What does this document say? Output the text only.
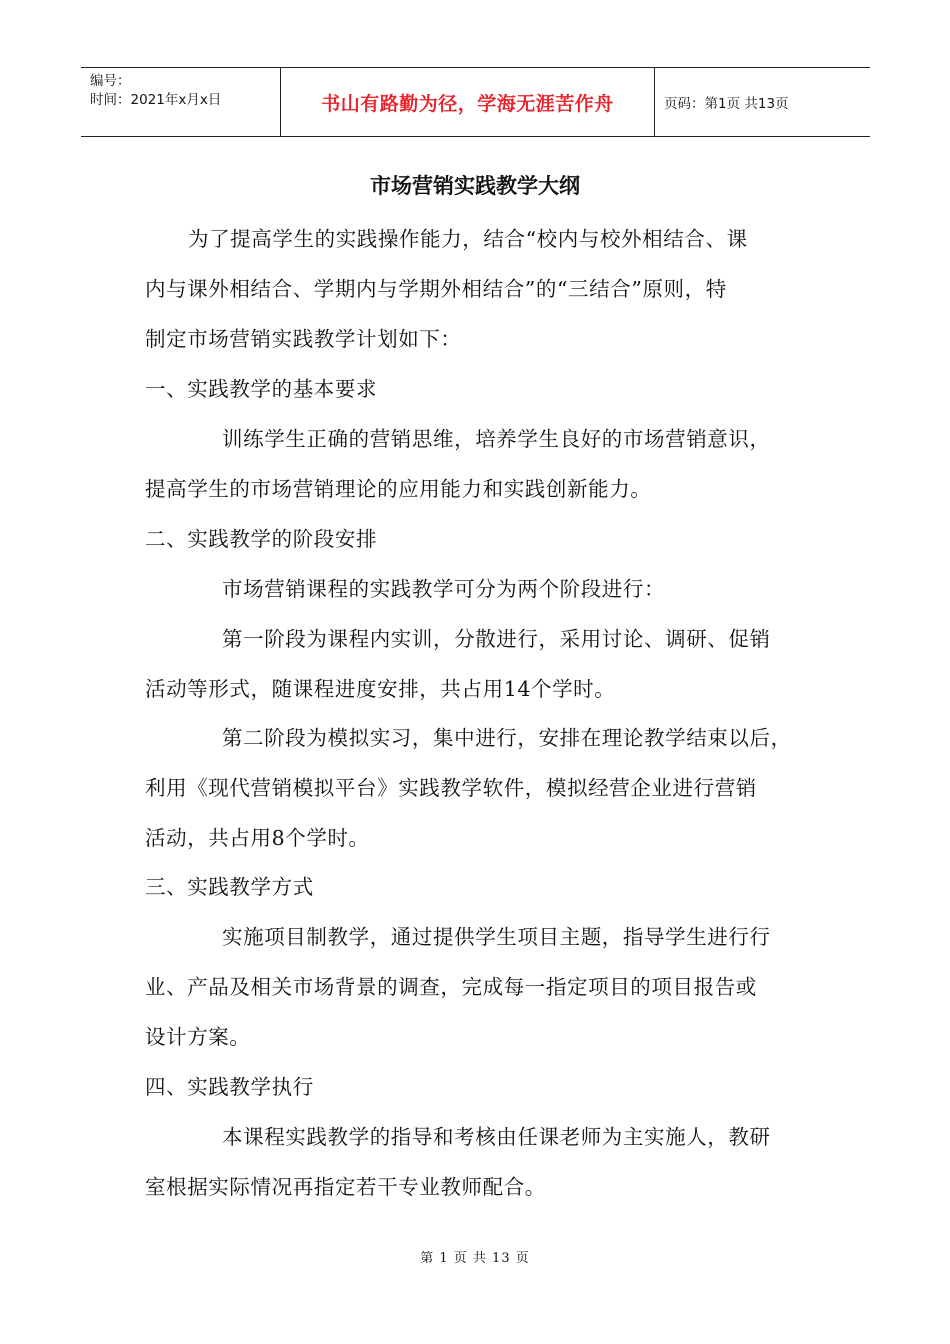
编号：
时间：2021年x月x日	书山有路勤为径，学海无涯苦作舟	页码：第1页 共13页
市场营销实践教学大纲
为了提高学生的实践操作能力，结合“校内与校外相结合、课
内与课外相结合、学期内与学期外相结合”的“三结合”原则，特
制定市场营销实践教学计划如下：
一、实践教学的基本要求
训练学生正确的营销思维，培养学生良好的市场营销意识，
提高学生的市场营销理论的应用能力和实践创新能力。
二、实践教学的阶段安排
市场营销课程的实践教学可分为两个阶段进行：
第一阶段为课程内实训，分散进行，采用讨论、调研、促销
活动等形式，随课程进度安排，共占用14个学时。
第二阶段为模拟实习，集中进行，安排在理论教学结束以后，
利用《现代营销模拟平台》实践教学软件，模拟经营企业进行营销
活动，共占用8个学时。
三、实践教学方式
实施项目制教学，通过提供学生项目主题，指导学生进行行
业、产品及相关市场背景的调查，完成每一指定项目的项目报告或
设计方案。
四、实践教学执行
本课程实践教学的指导和考核由任课老师为主实施人，教研
室根据实际情况再指定若干专业教师配合。
第 1 页 共 13 页
